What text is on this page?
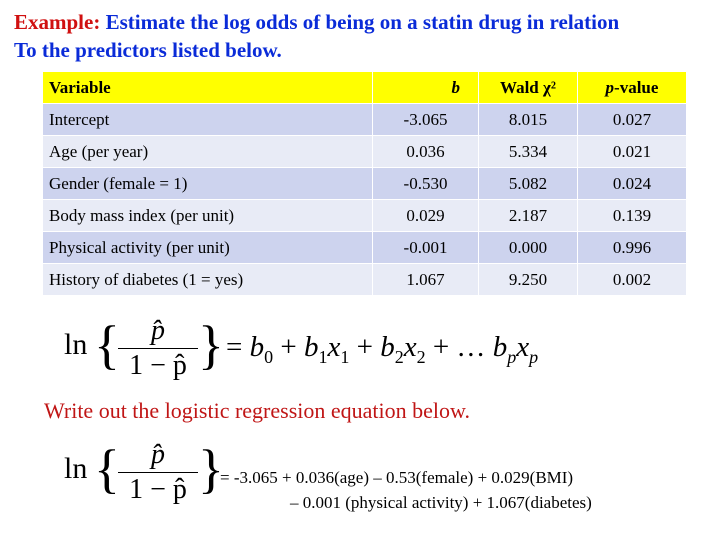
Example: Estimate the log odds of being on a statin drug in relation
To the predictors listed below.
Variable	b	Wald χ²	p-value
Intercept	-3.065	8.015	0.027
Age (per year)	0.036	5.334	0.021
Gender (female = 1)	-0.530	5.082	0.024
Body mass index (per unit)	0.029	2.187	0.139
Physical activity (per unit)	-0.001	0.000	0.996
History of diabetes (1 = yes)	1.067	9.250	0.002
ln {	p̂
1 − p̂ } = $b_0 + b_1x_1 + b_2x_2$ + … $b_px_p$
Write out the logistic regression equation below.
ln {	p̂
1 − p̂ }
= -3.065 + 0.036(age) – 0.53(female) + 0.029(BMI)
– 0.001 (physical activity) + 1.067(diabetes)
